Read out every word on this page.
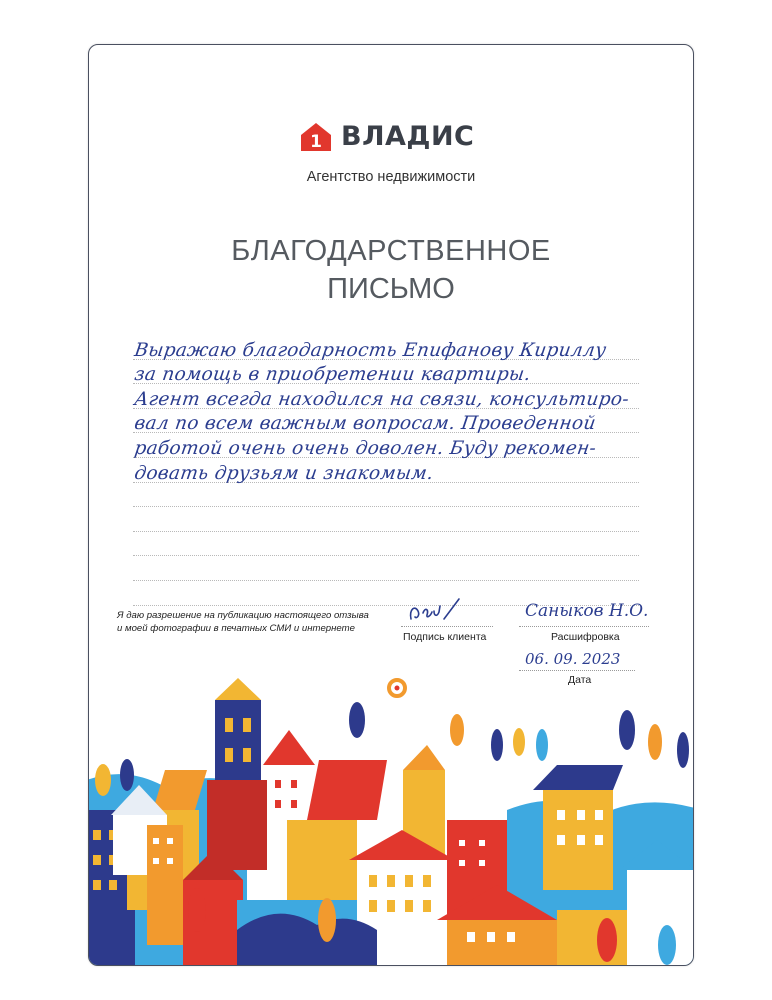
1 ВЛАДИС
Агентство недвижимости
БЛАГОДАРСТВЕННОЕ
ПИСЬМО
Выражаю благодарность Епифанову Кириллу
за помощь в приобретении квартиры.
Агент всегда находился на связи, консультиро-
вал по всем важным вопросам. Проведенной
работой очень очень доволен. Буду рекомен-
довать друзьям и знакомым.
Я даю разрешение на публикацию настоящего отзыва
и моей фотографии в печатных СМИ и интернете
Подпись клиента
Саныков Н.О.
Расшифровка
06. 09. 2023
Дата
